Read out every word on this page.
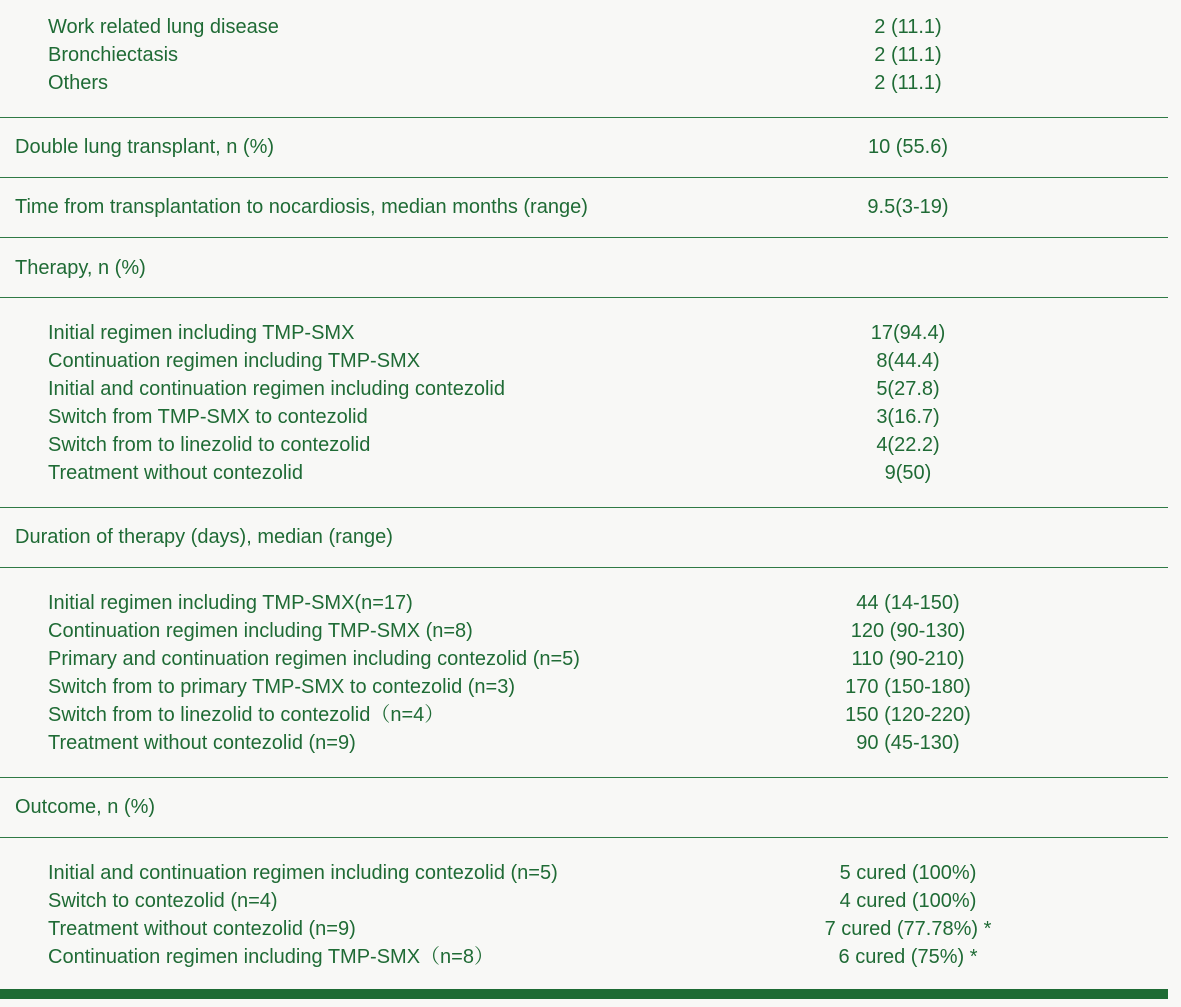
Work related lung disease	2 (11.1)
Bronchiectasis	2 (11.1)
Others	2 (11.1)
Double lung transplant, n (%)	10 (55.6)
Time from transplantation to nocardiosis, median months (range)	9.5(3-19)
Therapy, n (%)
Initial regimen including TMP-SMX	17(94.4)
Continuation regimen including TMP-SMX	8(44.4)
Initial and continuation regimen including contezolid	5(27.8)
Switch from TMP-SMX to contezolid	3(16.7)
Switch from to linezolid to contezolid	4(22.2)
Treatment without contezolid	9(50)
Duration of therapy (days), median (range)
Initial regimen including TMP-SMX(n=17)	44 (14-150)
Continuation regimen including TMP-SMX (n=8)	120 (90-130)
Primary and continuation regimen including contezolid (n=5)	110 (90-210)
Switch from to primary TMP-SMX to contezolid (n=3)	170 (150-180)
Switch from to linezolid to contezolid（n=4）	150 (120-220)
Treatment without contezolid (n=9)	90 (45-130)
Outcome, n (%)
Initial and continuation regimen including contezolid (n=5)	5 cured (100%)
Switch to contezolid (n=4)	4 cured (100%)
Treatment without contezolid (n=9)	7 cured (77.78%) *
Continuation regimen including TMP-SMX（n=8）	6 cured (75%) *
